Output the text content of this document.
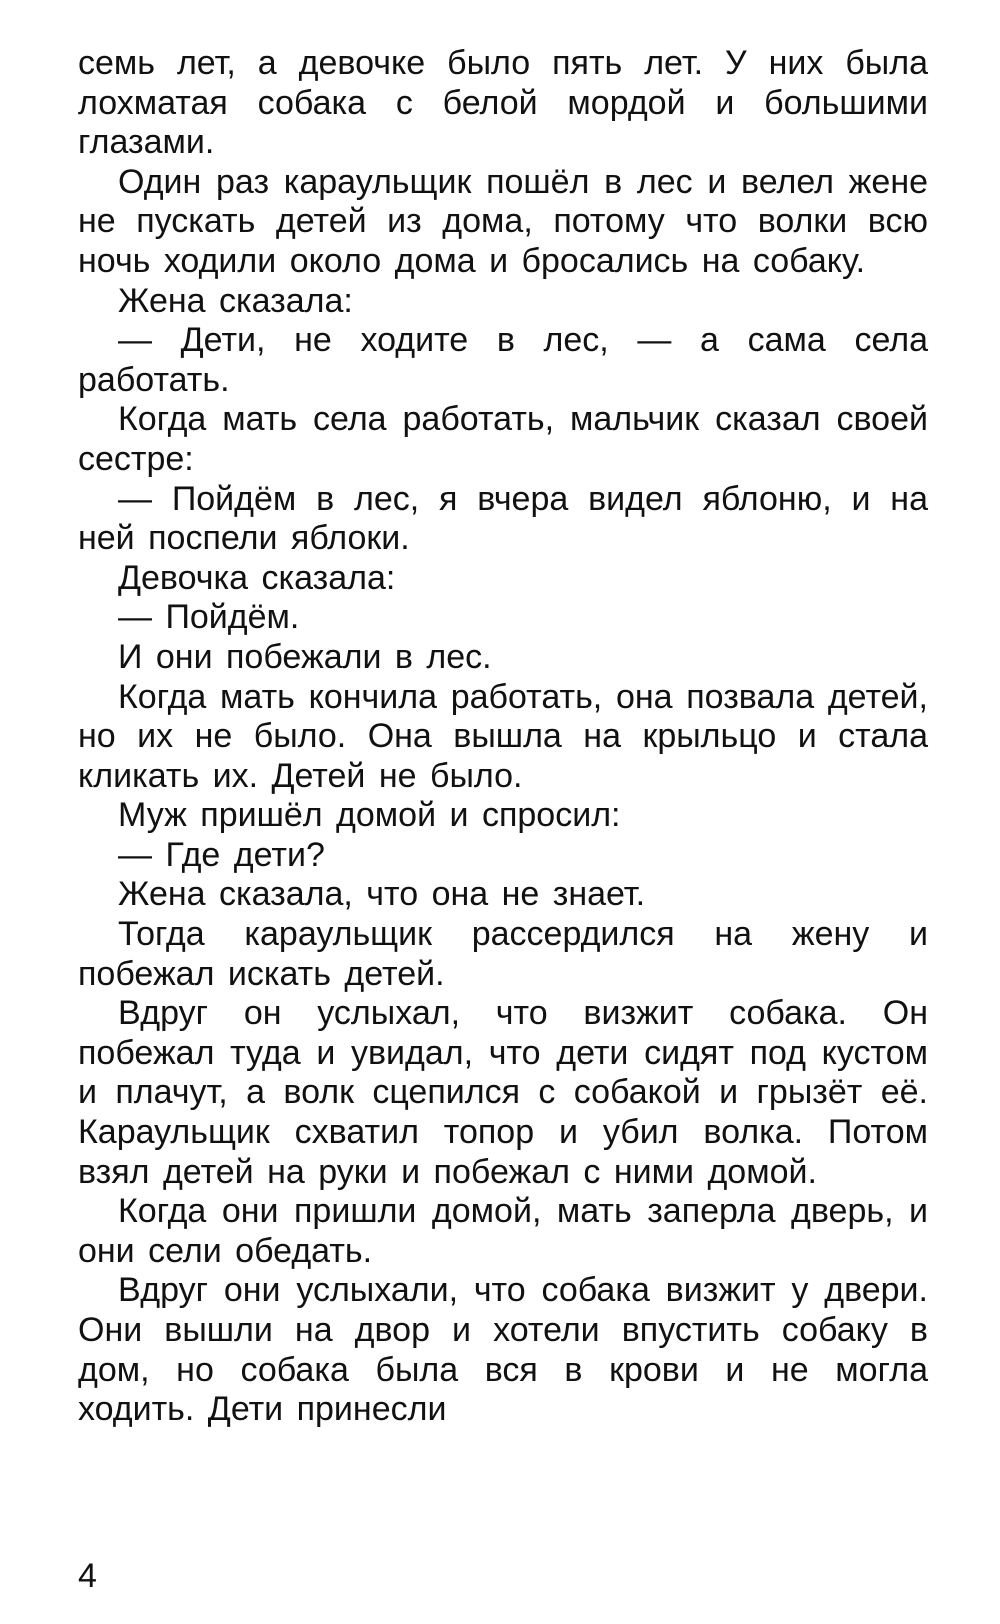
семь лет, а девочке было пять лет. У них была лохматая собака с белой мордой и большими глазами.

Один раз караульщик пошёл в лес и велел жене не пускать детей из дома, потому что волки всю ночь ходили около дома и бросались на собаку.

Жена сказала:

— Дети, не ходите в лес, — а сама села работать.

Когда мать села работать, мальчик сказал своей сестре:

— Пойдём в лес, я вчера видел яблоню, и на ней поспели яблоки.

Девочка сказала:

— Пойдём.

И они побежали в лес.

Когда мать кончила работать, она позвала детей, но их не было. Она вышла на крыльцо и стала кликать их. Детей не было.

Муж пришёл домой и спросил:

— Где дети?

Жена сказала, что она не знает.

Тогда караульщик рассердился на жену и побежал искать детей.

Вдруг он услыхал, что визжит собака. Он побежал туда и увидал, что дети сидят под кустом и плачут, а волк сцепился с собакой и грызёт её. Караульщик схватил топор и убил волка. Потом взял детей на руки и побежал с ними домой.

Когда они пришли домой, мать заперла дверь, и они сели обедать.

Вдруг они услыхали, что собака визжит у двери. Они вышли на двор и хотели впустить собаку в дом, но собака была вся в крови и не могла ходить. Дети принесли

4
